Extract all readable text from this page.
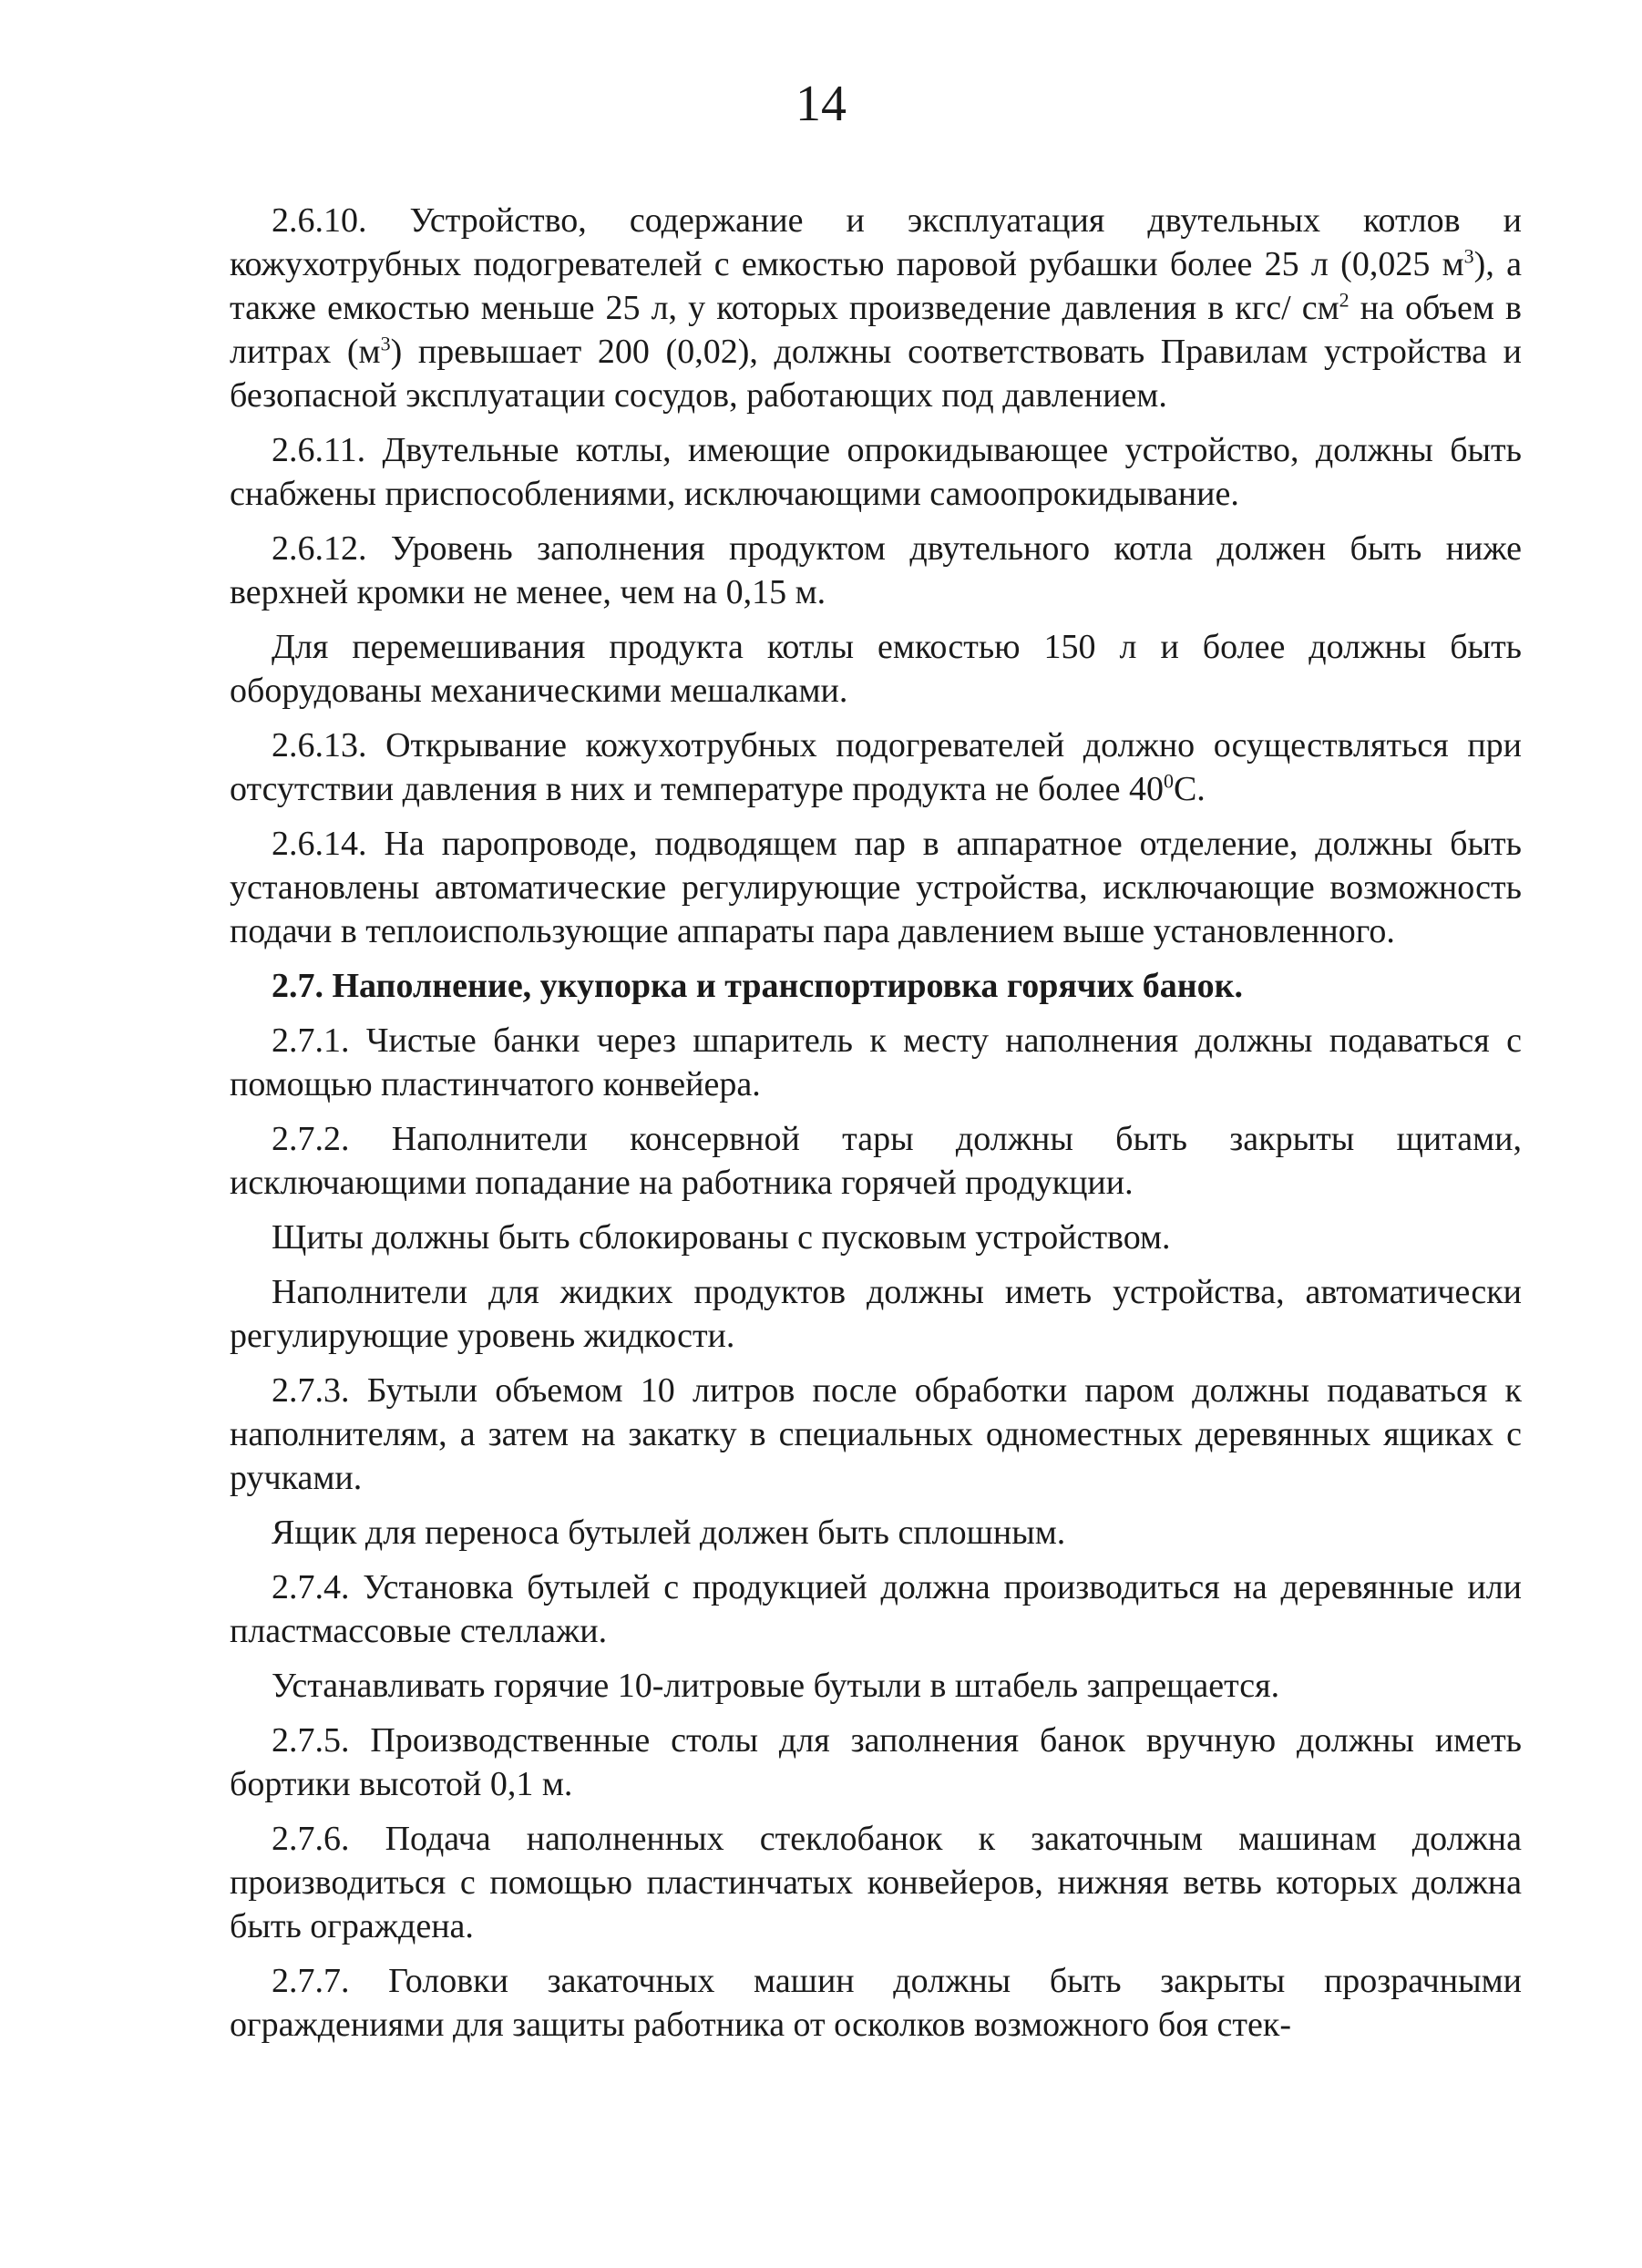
14

2.6.10. Устройство, содержание и эксплуатация двутельных котлов и кожухотрубных подогревателей с емкостью паровой рубашки более 25 л (0,025 $м^3$), а также емкостью меньше 25 л, у которых произведение давления в кгс/ $см^2$ на объем в литрах $(м^3)$ превышает 200 (0,02), должны соответствовать Правилам устройства и безопасной эксплуатации сосудов, работающих под давлением.

2.6.11. Двутельные котлы, имеющие опрокидывающее устройство, должны быть снабжены приспособлениями, исключающими самоопрокидывание.

2.6.12. Уровень заполнения продуктом двутельного котла должен быть ниже верхней кромки не менее, чем на 0,15 м.

Для перемешивания продукта котлы емкостью 150 л и более должны быть оборудованы механическими мешалками.

2.6.13. Открывание кожухотрубных подогревателей должно осуществляться при отсутствии давления в них и температуре продукта не более $40^0С$.

2.6.14. На паропроводе, подводящем пар в аппаратное отделение, должны быть установлены автоматические регулирующие устройства, исключающие возможность подачи в теплоиспользующие аппараты пара давлением выше установленного.

2.7. Наполнение, укупорка и транспортировка горячих банок.

2.7.1. Чистые банки через шпаритель к месту наполнения должны подаваться с помощью пластинчатого конвейера.

2.7.2. Наполнители консервной тары должны быть закрыты щитами, исключающими попадание на работника горячей продукции.

Щиты должны быть сблокированы с пусковым устройством.

Наполнители для жидких продуктов должны иметь устройства, автоматически регулирующие уровень жидкости.

2.7.3. Бутыли объемом 10 литров после обработки паром должны подаваться к наполнителям, а затем на закатку в специальных одноместных деревянных ящиках с ручками.

Ящик для переноса бутылей должен быть сплошным.

2.7.4. Установка бутылей с продукцией должна производиться на деревянные или пластмассовые стеллажи.

Устанавливать горячие 10-литровые бутыли в штабель запрещается.

2.7.5. Производственные столы для заполнения банок вручную должны иметь бортики высотой 0,1 м.

2.7.6. Подача наполненных стеклобанок к закаточным машинам должна производиться с помощью пластинчатых конвейеров, нижняя ветвь которых должна быть ограждена.

2.7.7. Головки закаточных машин должны быть закрыты прозрачными ограждениями для защиты работника от осколков возможного боя стек-
